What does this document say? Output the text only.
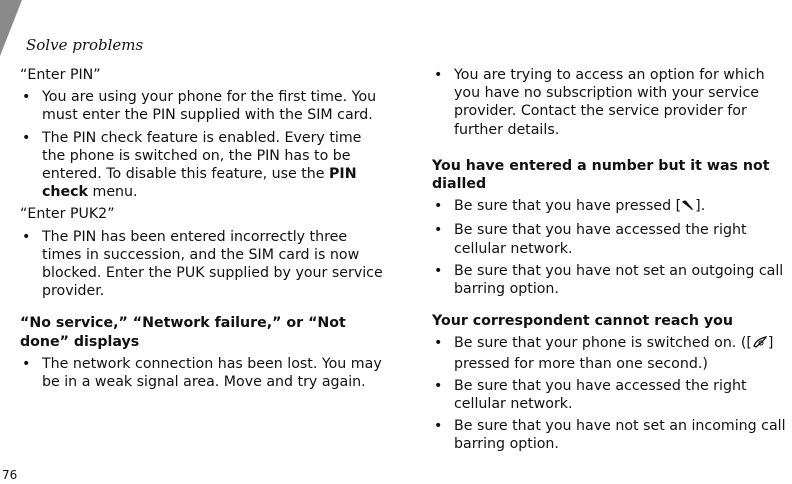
Solve problems

“Enter PIN”

• You are using your phone for the first time. You must enter the PIN supplied with the SIM card.
• The PIN check feature is enabled. Every time the phone is switched on, the PIN has to be entered. To disable this feature, use the PIN check menu.

“Enter PUK2”

• The PIN has been entered incorrectly three times in succession, and the SIM card is now blocked. Enter the PUK supplied by your service provider.

“No service,” “Network failure,” or “Not done” displays

• The network connection has been lost. You may be in a weak signal area. Move and try again.
• You are trying to access an option for which you have no subscription with your service provider. Contact the service provider for further details.

You have entered a number but it was not dialled

• Be sure that you have pressed [ ].
• Be sure that you have accessed the right cellular network.
• Be sure that you have not set an outgoing call barring option.

Your correspondent cannot reach you

• Be sure that your phone is switched on. ([ ] pressed for more than one second.)
• Be sure that you have accessed the right cellular network.
• Be sure that you have not set an incoming call barring option.
76
